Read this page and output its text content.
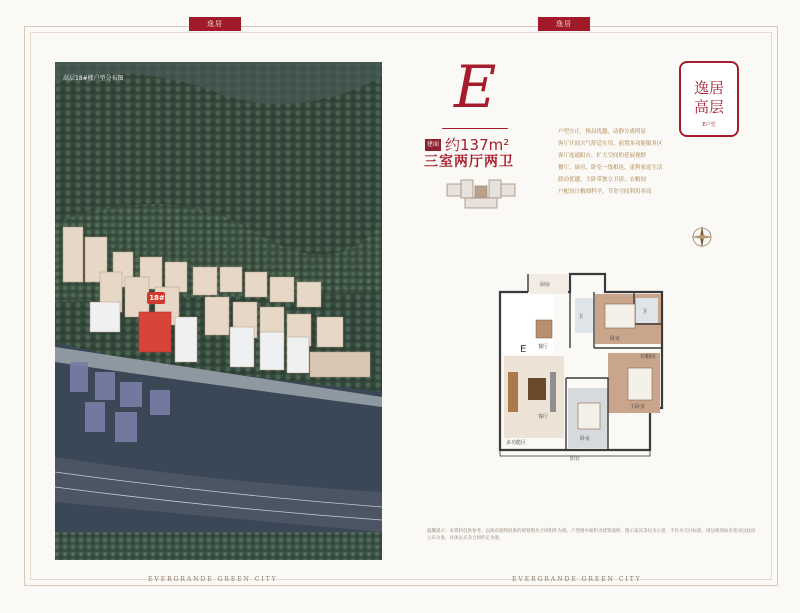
逸居	逸居
高层18#楼户型分布图
18#
E
建面 约137m²
三室两厅两卫
户型方正，格局优越，动静分离明显
客厅开间大气舒适实用，前置多功能服务区
客厅连通阳台，扩大空间的延展视野
餐厅、厨房、卧室一线相连，更利家庭生活
联动优越，主卧带独立卫浴、衣帽间
户配设计精细科学，节省空间利用率高
逸居
高层
E户型
厨房
餐厅
卧室
卧室
主卧室
客厅
多功能区
衣帽间
卫
卫
阳台
E
温馨提示：本资料仅供参考，以政府最终批准的规划图及合同附件为准。户型图中面积为建筑面积，图示家具等仅为示意，不作为交付标准。周边规划如有变动以政府公布为准，具体以买卖合同约定为准。
EVERGRANDE GREEN CITY	EVERGRANDE GREEN CITY
